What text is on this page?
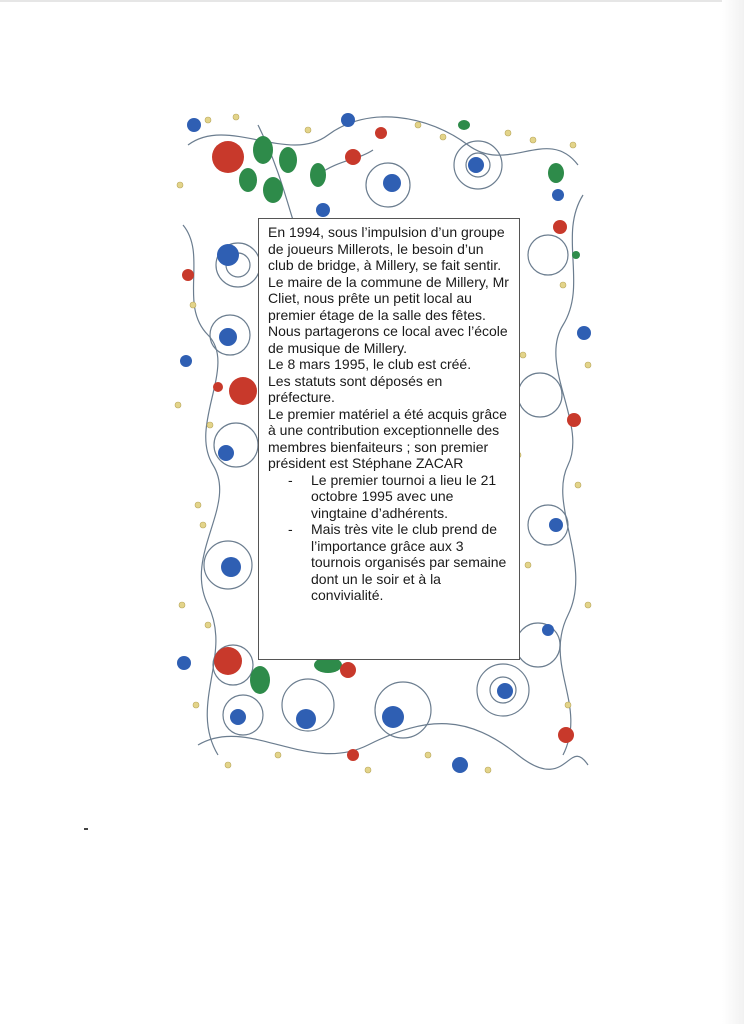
En 1994, sous l’impulsion d’un groupe de joueurs Millerots, le besoin d’un club de bridge, à Millery, se fait sentir.

Le maire de la commune de Millery, Mr Cliet, nous prête un petit local au premier étage de la salle des fêtes.

Nous partagerons ce local avec l’école de musique de Millery.

Le 8 mars 1995, le club est créé.

Les statuts sont déposés en préfecture.

Le premier matériel a été acquis grâce à une contribution exceptionnelle des membres bienfaiteurs ; son premier président est Stéphane ZACAR

- Le premier tournoi a lieu le 21 octobre 1995 avec une vingtaine d’adhérents.
- Mais très vite le club prend de l’importance grâce aux 3 tournois organisés par semaine dont un le soir et à la convivialité.
